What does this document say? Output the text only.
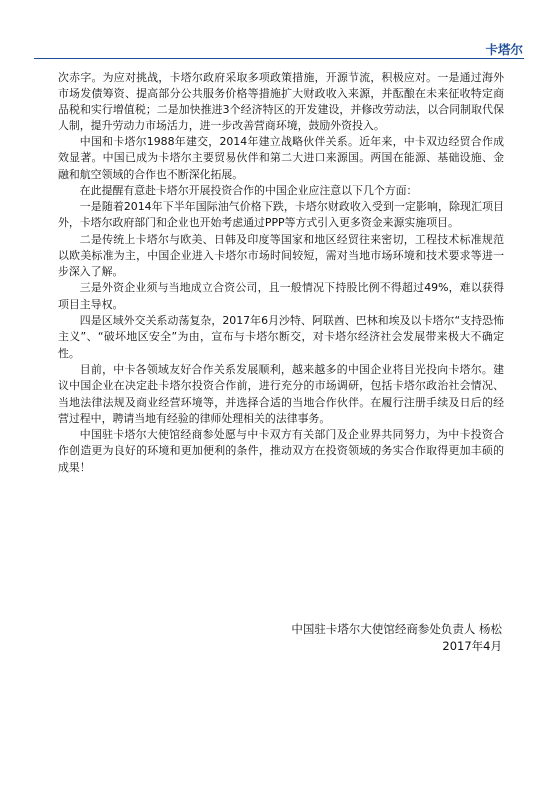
卡塔尔

次赤字。为应对挑战，卡塔尔政府采取多项政策措施，开源节流，积极应对。一是通过海外市场发债筹资、提高部分公共服务价格等措施扩大财政收入来源，并酝酿在未来征收特定商品税和实行增值税；二是加快推进3个经济特区的开发建设，并修改劳动法，以合同制取代保人制，提升劳动力市场活力，进一步改善营商环境，鼓励外资投入。

中国和卡塔尔1988年建交，2014年建立战略伙伴关系。近年来，中卡双边经贸合作成效显著。中国已成为卡塔尔主要贸易伙伴和第二大进口来源国。两国在能源、基础设施、金融和航空领域的合作也不断深化拓展。

在此提醒有意赴卡塔尔开展投资合作的中国企业应注意以下几个方面：

一是随着2014年下半年国际油气价格下跌，卡塔尔财政收入受到一定影响，除现汇项目外，卡塔尔政府部门和企业也开始考虑通过PPP等方式引入更多资金来源实施项目。

二是传统上卡塔尔与欧美、日韩及印度等国家和地区经贸往来密切，工程技术标准规范以欧美标准为主，中国企业进入卡塔尔市场时间较短，需对当地市场环境和技术要求等进一步深入了解。

三是外资企业须与当地成立合资公司，且一般情况下持股比例不得超过49%，难以获得项目主导权。

四是区域外交关系动荡复杂，2017年6月沙特、阿联酋、巴林和埃及以卡塔尔“支持恐怖主义”、“破坏地区安全”为由，宣布与卡塔尔断交，对卡塔尔经济社会发展带来极大不确定性。

目前，中卡各领域友好合作关系发展顺利，越来越多的中国企业将目光投向卡塔尔。建议中国企业在决定赴卡塔尔投资合作前，进行充分的市场调研，包括卡塔尔政治社会情况、当地法律法规及商业经营环境等，并选择合适的当地合作伙伴。在履行注册手续及日后的经营过程中，聘请当地有经验的律师处理相关的法律事务。

中国驻卡塔尔大使馆经商参处愿与中卡双方有关部门及企业界共同努力，为中卡投资合作创造更为良好的环境和更加便利的条件，推动双方在投资领域的务实合作取得更加丰硕的成果！

中国驻卡塔尔大使馆经商参处负责人 杨松
2017年4月
